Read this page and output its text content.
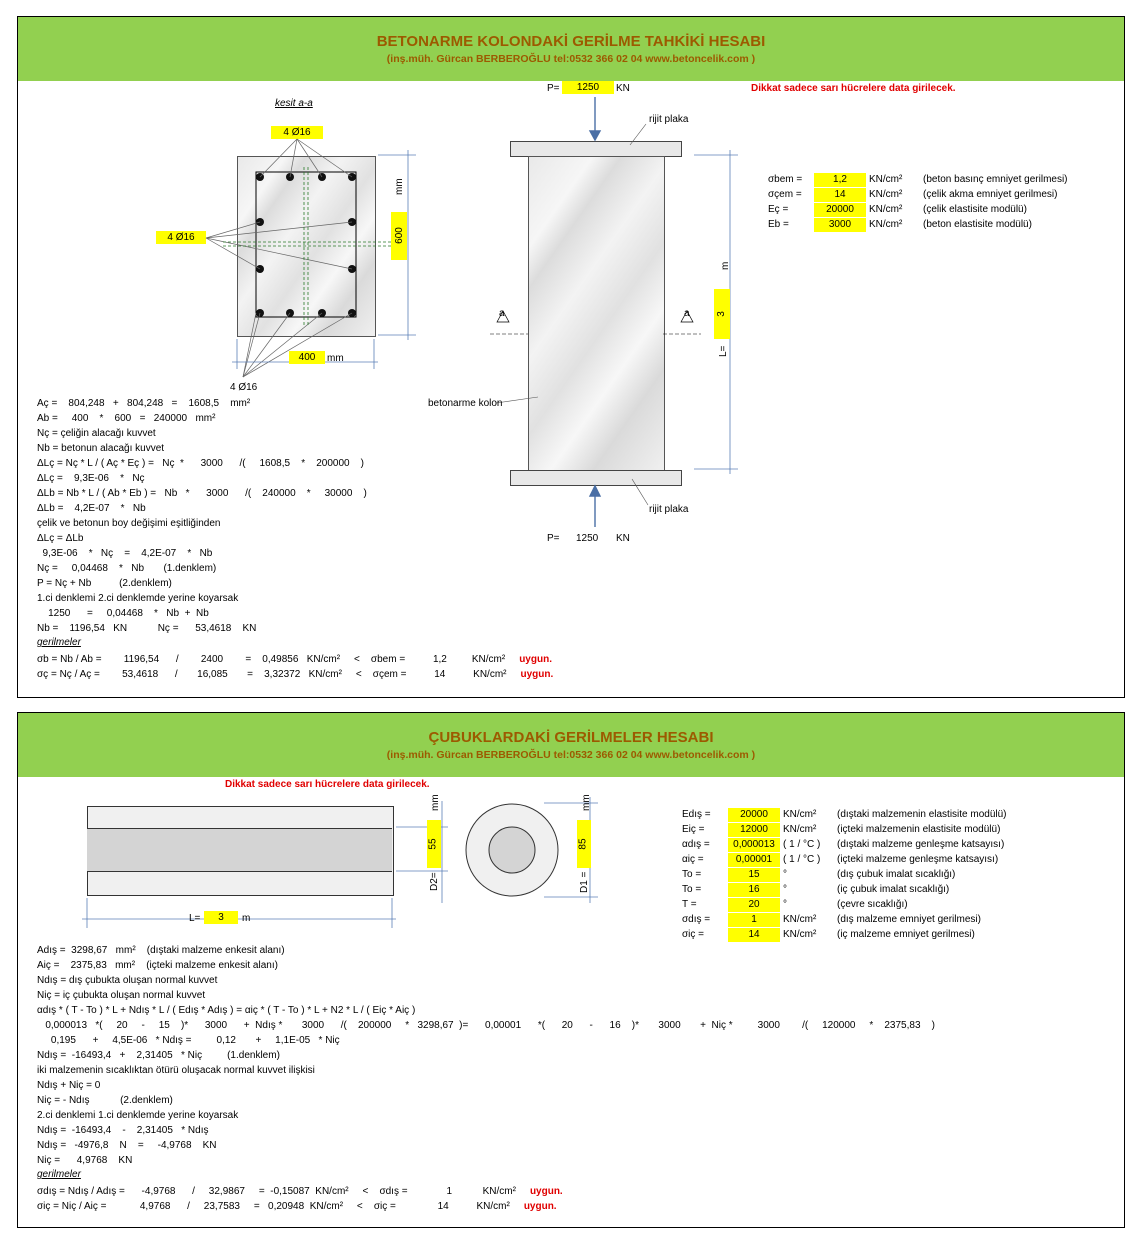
BETONARME KOLONDAKİ GERİLME TAHKİKİ HESABI
(inş.müh. Gürcan BERBEROĞLU tel:0532 366 02 04 www.betoncelik.com )
Dikkat sadece sarı hücrelere data girilecek.
kesit a-a
4 Ø16
4 Ø16
4 Ø16
mm
600
400	mm
P=	1250	KN
rijit plaka
a	a
betonarme kolon
m
3
L=
rijit plaka
P= 1250 KN
σbem =	1,2	KN/cm² (beton basınç emniyet gerilmesi)
σçem =	14	KN/cm² (çelik akma emniyet gerilmesi)
Eç =	20000	KN/cm² (çelik elastisite modülü)
Eb =	3000	KN/cm² (beton elastisite modülü)
Aç =    804,248   +   804,248   =    1608,5    mm²
Ab =     400    *    600   =   240000   mm²
Nç = çeliğin alacağı kuvvet
Nb = betonun alacağı kuvvet
ΔLç = Nç * L / ( Aç * Eç ) =   Nç  *      3000      /(     1608,5    *    200000    )
ΔLç =    9,3E-06    *   Nç
ΔLb = Nb * L / ( Ab * Eb ) =   Nb   *      3000      /(    240000    *     30000    )
ΔLb =    4,2E-07    *   Nb
çelik ve betonun boy değişimi eşitliğinden
ΔLç = ΔLb
9,3E-06    *   Nç    =    4,2E-07    *   Nb
Nç =     0,04468    *   Nb       (1.denklem)
P = Nç + Nb          (2.denklem)
1.ci denklemi 2.ci denklemde yerine koyarsak
1250      =     0,04468    *   Nb  +  Nb
Nb =    1196,54   KN           Nç =      53,4618    KN
gerilmeler
σb = Nb / Ab =        1196,54      /        2400        =    0,49856   KN/cm²     <    σbem =          1,2         KN/cm² uygun.
σç = Nç / Aç =        53,4618      /       16,085       =    3,32372   KN/cm²     <    σçem =          14          KN/cm² uygun.
ÇUBUKLARDAKİ GERİLMELER HESABI
(inş.müh. Gürcan BERBEROĞLU tel:0532 366 02 04 www.betoncelik.com )
Dikkat sadece sarı hücrelere data girilecek.
mm
55
D2=
mm
85
D1 =
L=	3	m
Edış =	20000	KN/cm² (dıştaki malzemenin elastisite modülü)
Eiç =	12000	KN/cm² (içteki malzemenin elastisite modülü)
αdış =	0,000013 ( 1 / °C ) (dıştaki malzeme genleşme katsayısı)
αiç =	0,00001	( 1 / °C ) (içteki malzeme genleşme katsayısı)
To =	15	°	(dış çubuk imalat sıcaklığı)
To =	16	°	(iç çubuk imalat sıcaklığı)
T =	20	°	(çevre sıcaklığı)
σdış =	1	KN/cm² (dış malzeme emniyet gerilmesi)
σiç =	14	KN/cm² (iç malzeme emniyet gerilmesi)
Adış =  3298,67   mm²    (dıştaki malzeme enkesit alanı)
Aiç =    2375,83   mm²    (içteki malzeme enkesit alanı)
Ndış = dış çubukta oluşan normal kuvvet
Niç = iç çubukta oluşan normal kuvvet
αdış * ( T - To ) * L + Ndış * L / ( Edış * Adış ) = αiç * ( T - To ) * L + N2 * L / ( Eiç * Aiç )
0,000013   *(     20     -     15    )*      3000      +  Ndış *       3000      /(    200000     *   3298,67  )=      0,00001      *(      20      -      16    )*       3000       +  Niç *         3000        /(     120000     *    2375,83    )
0,195      +     4,5E-06   * Ndış =         0,12       +     1,1E-05   * Niç
Ndış =  -16493,4   +    2,31405   * Niç         (1.denklem)
iki malzemenin sıcaklıktan ötürü oluşacak normal kuvvet ilişkisi
Ndış + Niç = 0
Niç = - Ndış           (2.denklem)
2.ci denklemi 1.ci denklemde yerine koyarsak
Ndış =  -16493,4    -    2,31405   * Ndış
Ndış =   -4976,8    N    =     -4,9768    KN
Niç =      4,9768    KN
gerilmeler
σdış = Ndış / Adış =      -4,9768      /     32,9867     =  -0,15087  KN/cm²     <    σdış =              1           KN/cm² uygun.
σiç = Niç / Aiç =            4,9768      /     23,7583     =   0,20948  KN/cm²     <    σiç =               14          KN/cm² uygun.
